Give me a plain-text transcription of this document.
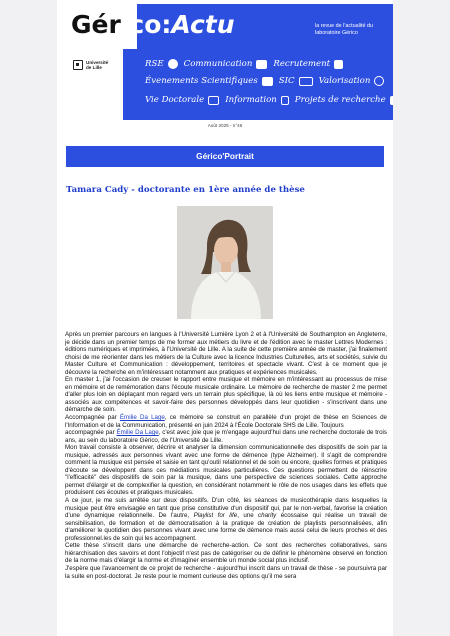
Gérico:Actu	la revue de l'actualité du laboratoire Gérico
Université de Lille	RSE Communication Recrutement
Évenements Scientifiques SIC	Valorisation
Vie Doctorale Information Projets de recherche
Août 2025 - n°46
Gérico'Portrait
Tamara Cady - doctorante en 1ère année de thèse

Après un premier parcours en langues à l'Université Lumière Lyon 2 et à l'Université de Southampton en Angleterre, je décide dans un premier temps de me former aux métiers du livre et de l'édition avec le master Lettres Modernes : éditions numériques et imprimées, à l'Université de Lille. A la suite de cette première année de master, j'ai finalement choisi de me réorienter dans les métiers de la Culture avec la licence Industries Culturelles, arts et sociétés, suivie du Master Culture et Communication : développement, territoires et spectacle vivant. C'est à ce moment que je découvre la recherche en m'intéressant notamment aux pratiques et expériences musicales.

En master 1, j'ai l'occasion de creuser le rapport entre musique et mémoire en m'intéressant au processus de mise en mémoire et de remémoration dans l'écoute musicale ordinaire. Le mémoire de recherche de master 2 me permet d'aller plus loin en déplaçant mon regard vers un terrain plus spécifique, là où les liens entre musique et mémoire - associés aux compétences et savoir-faire des personnes développés dans leur quotidien - s'inscrivent dans une démarche de soin.

Accompagnée par Émilie Da Lage, ce mémoire se construit en parallèle d'un projet de thèse en Sciences de l'Information et de la Communication, présenté en juin 2024 à l'École Doctorale SHS de Lille. Toujours

accompagnée par Émilie Da Lage, c'est avec joie que je m'engage aujourd'hui dans une recherche doctorale de trois ans, au sein du laboratoire Gérico, de l'Université de Lille.

Mon travail consiste à observer, décrire et analyser la dimension communicationnelle des dispositifs de soin par la musique, adressés aux personnes vivant avec une forme de démence (type Alzheimer). Il s'agit de comprendre comment la musique est pensée et saisie en tant qu'outil relationnel et de soin ou encore, quelles formes et pratiques d'écoute se développent dans ces médiations musicales particulières. Ces questions permettent de réinscrire "l'efficacité" des dispositifs de soin par la musique, dans une perspective de sciences sociales. Cette approche permet d'élargir et de complexifier la question, en considérant notamment le rôle de nos usages dans les effets que produisent ces écoutes et pratiques musicales.

A ce jour, je me suis arrêtée sur deux dispositifs. D'un côté, les séances de musicothérapie dans lesquelles la musique peut être envisagée en tant que prise constitutive d'un dispositif qui, par le non-verbal, favorise la création d'une dynamique relationnelle. De l'autre, Playlist for life, une charity écossaise qui réalise un travail de sensibilisation, de formation et de démocratisation à la pratique de création de playlists personnalisées, afin d'améliorer le quotidien des personnes vivant avec une forme de démence mais aussi celui de leurs proches et des professionnel.les de soin qui les accompagnent.

Cette thèse s'inscrit dans une démarche de recherche-action. Ce sont des recherches collaboratives, sans hiérarchisation des savoirs et dont l'objectif n'est pas de catégoriser ou de définir le phénomène observé en fonction de la norme mais d'élargir la norme et d'imaginer ensemble un monde social plus inclusif.

J'espère que l'avancement de ce projet de recherche - aujourd'hui inscrit dans un travail de thèse - se poursuivra par la suite en post-doctorat. Je reste pour le moment curieuse des options qu'il me sera
